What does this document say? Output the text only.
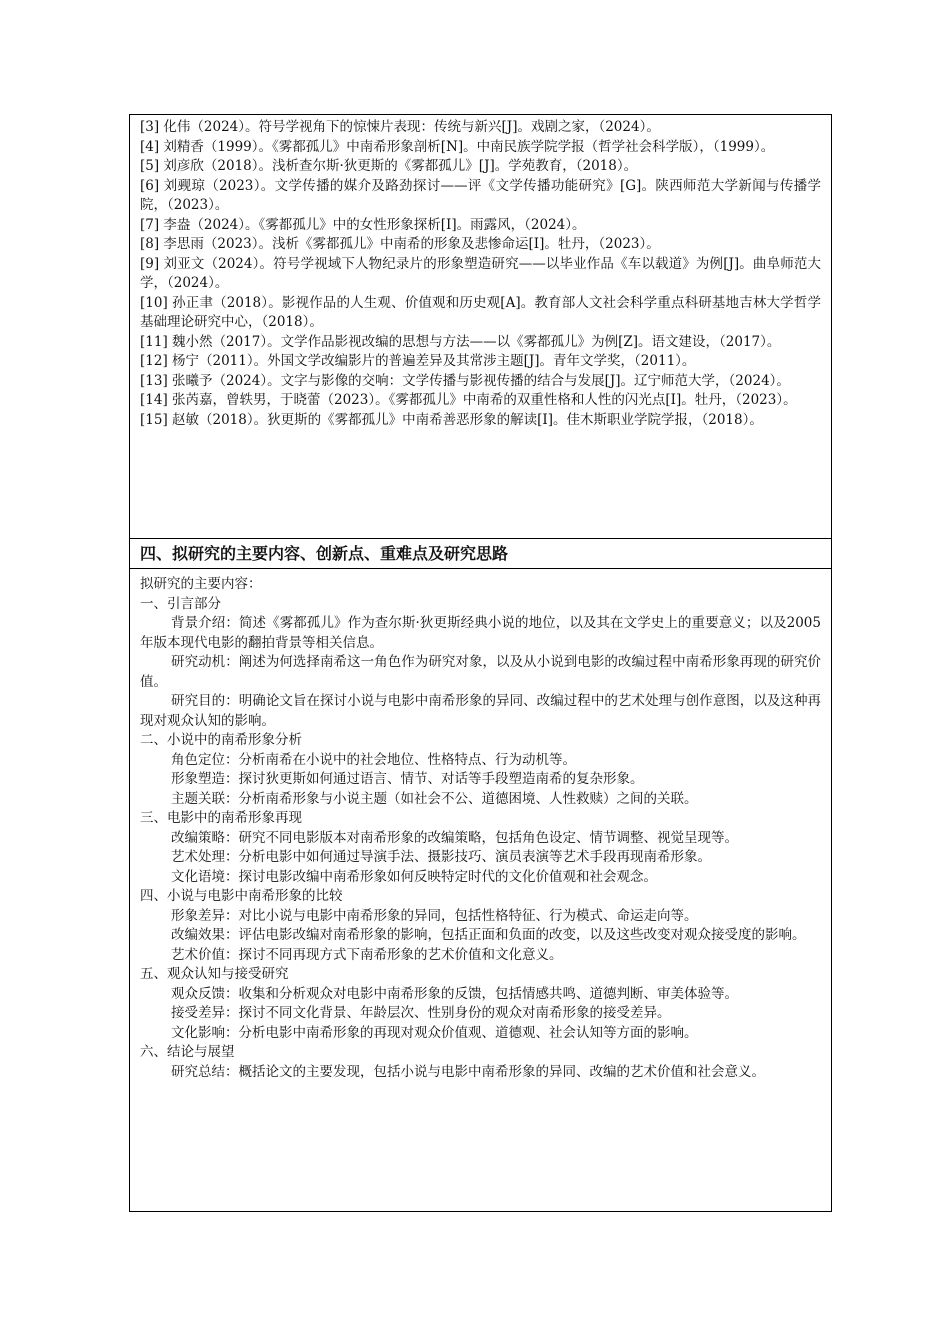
[3] 化伟（2024）。符号学视角下的惊悚片表现：传统与新兴[J]。戏剧之家，（2024）。

[4] 刘精香（1999）。《雾都孤儿》中南希形象剖析[N]。中南民族学院学报（哲学社会科学版），（1999）。

[5] 刘彦欣（2018）。浅析查尔斯·狄更斯的《雾都孤儿》[J]。学苑教育，（2018）。

[6] 刘觋琼（2023）。文学传播的媒介及路劲探讨——评《文学传播功能研究》[G]。陕西师范大学新闻与传播学院，（2023）。

[7] 李盎（2024）。《雾都孤儿》中的女性形象探析[I]。雨露风，（2024）。

[8] 李思雨（2023）。浅析《雾都孤儿》中南希的形象及悲惨命运[I]。牡丹，（2023）。

[9] 刘亚文（2024）。符号学视域下人物纪录片的形象塑造研究——以毕业作品《车以载道》为例[J]。曲阜师范大学，（2024）。

[10] 孙正聿（2018）。影视作品的人生观、价值观和历史观[A]。教育部人文社会科学重点科研基地吉林大学哲学基础理论研究中心，（2018）。

[11] 魏小然（2017）。文学作品影视改编的思想与方法——以《雾都孤儿》为例[Z]。语文建设，（2017）。

[12] 杨宁（2011）。外国文学改编影片的普遍差异及其常涉主题[J]。青年文学奖，（2011）。

[13] 张曦予（2024）。文字与影像的交响：文学传播与影视传播的结合与发展[J]。辽宁师范大学，（2024）。

[14] 张芮嘉，曾轶男，于晓蕾（2023）。《雾都孤儿》中南希的双重性格和人性的闪光点[I]。牡丹，（2023）。

[15] 赵敏（2018）。狄更斯的《雾都孤儿》中南希善恶形象的解读[I]。佳木斯职业学院学报，（2018）。

四、拟研究的主要内容、创新点、重难点及研究思路

拟研究的主要内容：

一、引言部分

背景介绍：简述《雾都孤儿》作为查尔斯·狄更斯经典小说的地位，以及其在文学史上的重要意义；以及2005年版本现代电影的翻拍背景等相关信息。

研究动机：阐述为何选择南希这一角色作为研究对象，以及从小说到电影的改编过程中南希形象再现的研究价值。

研究目的：明确论文旨在探讨小说与电影中南希形象的异同、改编过程中的艺术处理与创作意图，以及这种再现对观众认知的影响。

二、小说中的南希形象分析

角色定位：分析南希在小说中的社会地位、性格特点、行为动机等。

形象塑造：探讨狄更斯如何通过语言、情节、对话等手段塑造南希的复杂形象。

主题关联：分析南希形象与小说主题（如社会不公、道德困境、人性救赎）之间的关联。

三、电影中的南希形象再现

改编策略：研究不同电影版本对南希形象的改编策略，包括角色设定、情节调整、视觉呈现等。

艺术处理：分析电影中如何通过导演手法、摄影技巧、演员表演等艺术手段再现南希形象。

文化语境：探讨电影改编中南希形象如何反映特定时代的文化价值观和社会观念。

四、小说与电影中南希形象的比较

形象差异：对比小说与电影中南希形象的异同，包括性格特征、行为模式、命运走向等。

改编效果：评估电影改编对南希形象的影响，包括正面和负面的改变，以及这些改变对观众接受度的影响。

艺术价值：探讨不同再现方式下南希形象的艺术价值和文化意义。

五、观众认知与接受研究

观众反馈：收集和分析观众对电影中南希形象的反馈，包括情感共鸣、道德判断、审美体验等。

接受差异：探讨不同文化背景、年龄层次、性别身份的观众对南希形象的接受差异。

文化影响：分析电影中南希形象的再现对观众价值观、道德观、社会认知等方面的影响。

六、结论与展望

研究总结：概括论文的主要发现，包括小说与电影中南希形象的异同、改编的艺术价值和社会意义。
